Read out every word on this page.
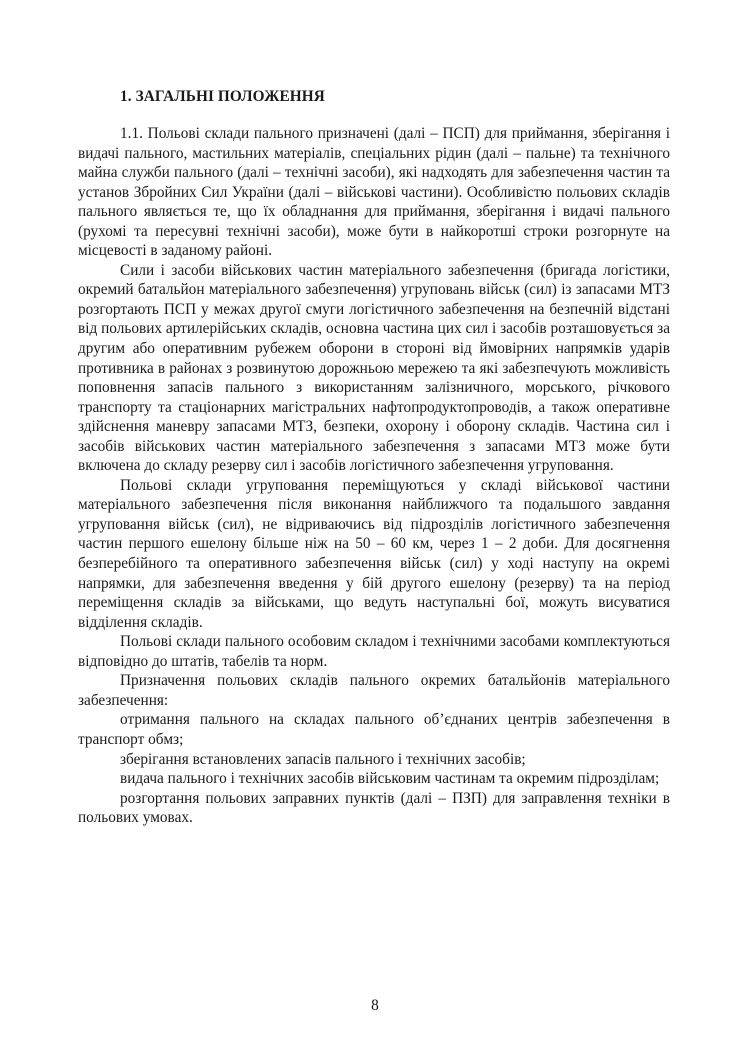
1. ЗАГАЛЬНІ ПОЛОЖЕННЯ

1.1. Польові склади пального призначені (далі – ПСП) для приймання, зберігання і видачі пального, мастильних матеріалів, спеціальних рідин (далі – пальне) та технічного майна служби пального (далі – технічні засоби), які надходять для забезпечення частин та установ Збройних Сил України (далі – військові частини). Особливістю польових складів пального являється те, що їх обладнання для приймання, зберігання і видачі пального (рухомі та пересувні технічні засоби), може бути в найкоротші строки розгорнуте на місцевості в заданому районі.

Сили і засоби військових частин матеріального забезпечення (бригада логістики, окремий батальйон матеріального забезпечення) угруповань військ (сил) із запасами МТЗ розгортають ПСП у межах другої смуги логістичного забезпечення на безпечній відстані від польових артилерійських складів, основна частина цих сил і засобів розташовується за другим або оперативним рубежем оборони в стороні від ймовірних напрямків ударів противника в районах з розвинутою дорожньою мережею та які забезпечують можливість поповнення запасів пального з використанням залізничного, морського, річкового транспорту та стаціонарних магістральних нафтопродуктопроводів, а також оперативне здійснення маневру запасами МТЗ, безпеки, охорону і оборону складів. Частина сил і засобів військових частин матеріального забезпечення з запасами МТЗ може бути включена до складу резерву сил і засобів логістичного забезпечення угруповання.

Польові склади угруповання переміщуються у складі військової частини матеріального забезпечення після виконання найближчого та подальшого завдання угруповання військ (сил), не відриваючись від підрозділів логістичного забезпечення частин першого ешелону більше ніж на 50 – 60 км, через 1 – 2 доби. Для досягнення безперебійного та оперативного забезпечення військ (сил) у ході наступу на окремі напрямки, для забезпечення введення у бій другого ешелону (резерву) та на період переміщення складів за військами, що ведуть наступальні бої, можуть висуватися відділення складів.

Польові склади пального особовим складом і технічними засобами комплектуються відповідно до штатів, табелів та норм.

Призначення польових складів пального окремих батальйонів матеріального забезпечення:

отримання пального на складах пального об’єднаних центрів забезпечення в транспорт обмз;

зберігання встановлених запасів пального і технічних засобів;

видача пального і технічних засобів військовим частинам та окремим підрозділам;

розгортання польових заправних пунктів (далі – ПЗП) для заправлення техніки в польових умовах.

8
